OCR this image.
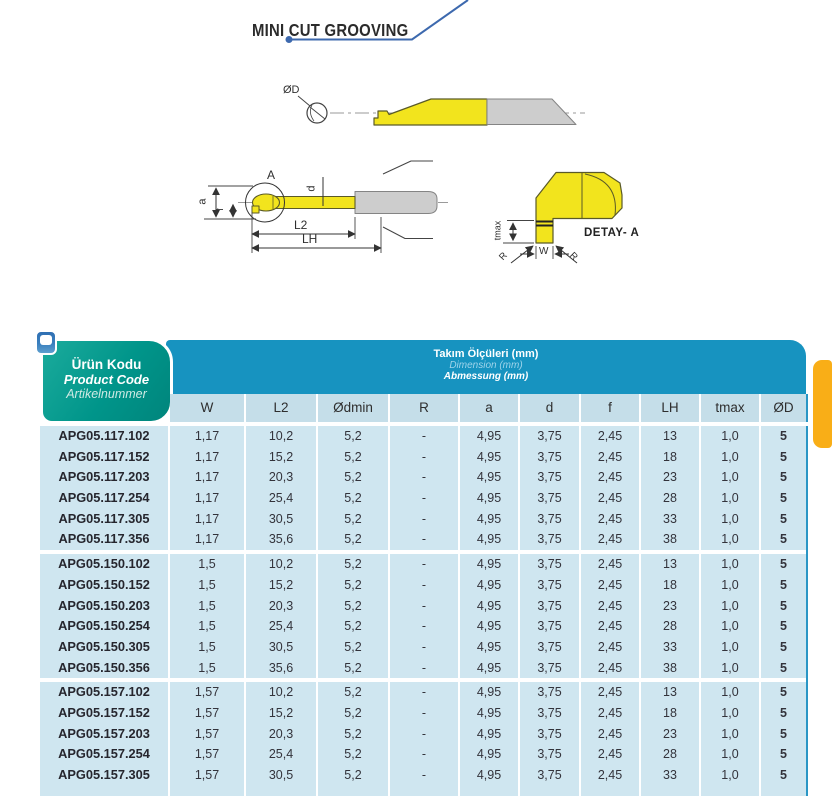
MINI CUT GROOVING
ØD
a
f
A
d
L2
LH	tmax
W
R	R
DETAY- A
Takım Ölçüleri (mm)
Dimension (mm)
Abmessung (mm)
Ürün Kodu
Product Code
Artikelnummer
W	L2	Ødmin	R	a	d	f	LH	tmax	ØD
APG05.117.102	1,17	10,2	5,2	-	4,95	3,75	2,45	13	1,0	5
APG05.117.152	1,17	15,2	5,2	-	4,95	3,75	2,45	18	1,0	5
APG05.117.203	1,17	20,3	5,2	-	4,95	3,75	2,45	23	1,0	5
APG05.117.254	1,17	25,4	5,2	-	4,95	3,75	2,45	28	1,0	5
APG05.117.305	1,17	30,5	5,2	-	4,95	3,75	2,45	33	1,0	5
APG05.117.356	1,17	35,6	5,2	-	4,95	3,75	2,45	38	1,0	5
APG05.150.102	1,5	10,2	5,2	-	4,95	3,75	2,45	13	1,0	5
APG05.150.152	1,5	15,2	5,2	-	4,95	3,75	2,45	18	1,0	5
APG05.150.203	1,5	20,3	5,2	-	4,95	3,75	2,45	23	1,0	5
APG05.150.254	1,5	25,4	5,2	-	4,95	3,75	2,45	28	1,0	5
APG05.150.305	1,5	30,5	5,2	-	4,95	3,75	2,45	33	1,0	5
APG05.150.356	1,5	35,6	5,2	-	4,95	3,75	2,45	38	1,0	5
APG05.157.102	1,57	10,2	5,2	-	4,95	3,75	2,45	13	1,0	5
APG05.157.152	1,57	15,2	5,2	-	4,95	3,75	2,45	18	1,0	5
APG05.157.203	1,57	20,3	5,2	-	4,95	3,75	2,45	23	1,0	5
APG05.157.254	1,57	25,4	5,2	-	4,95	3,75	2,45	28	1,0	5
APG05.157.305	1,57	30,5	5,2	-	4,95	3,75	2,45	33	1,0	5
